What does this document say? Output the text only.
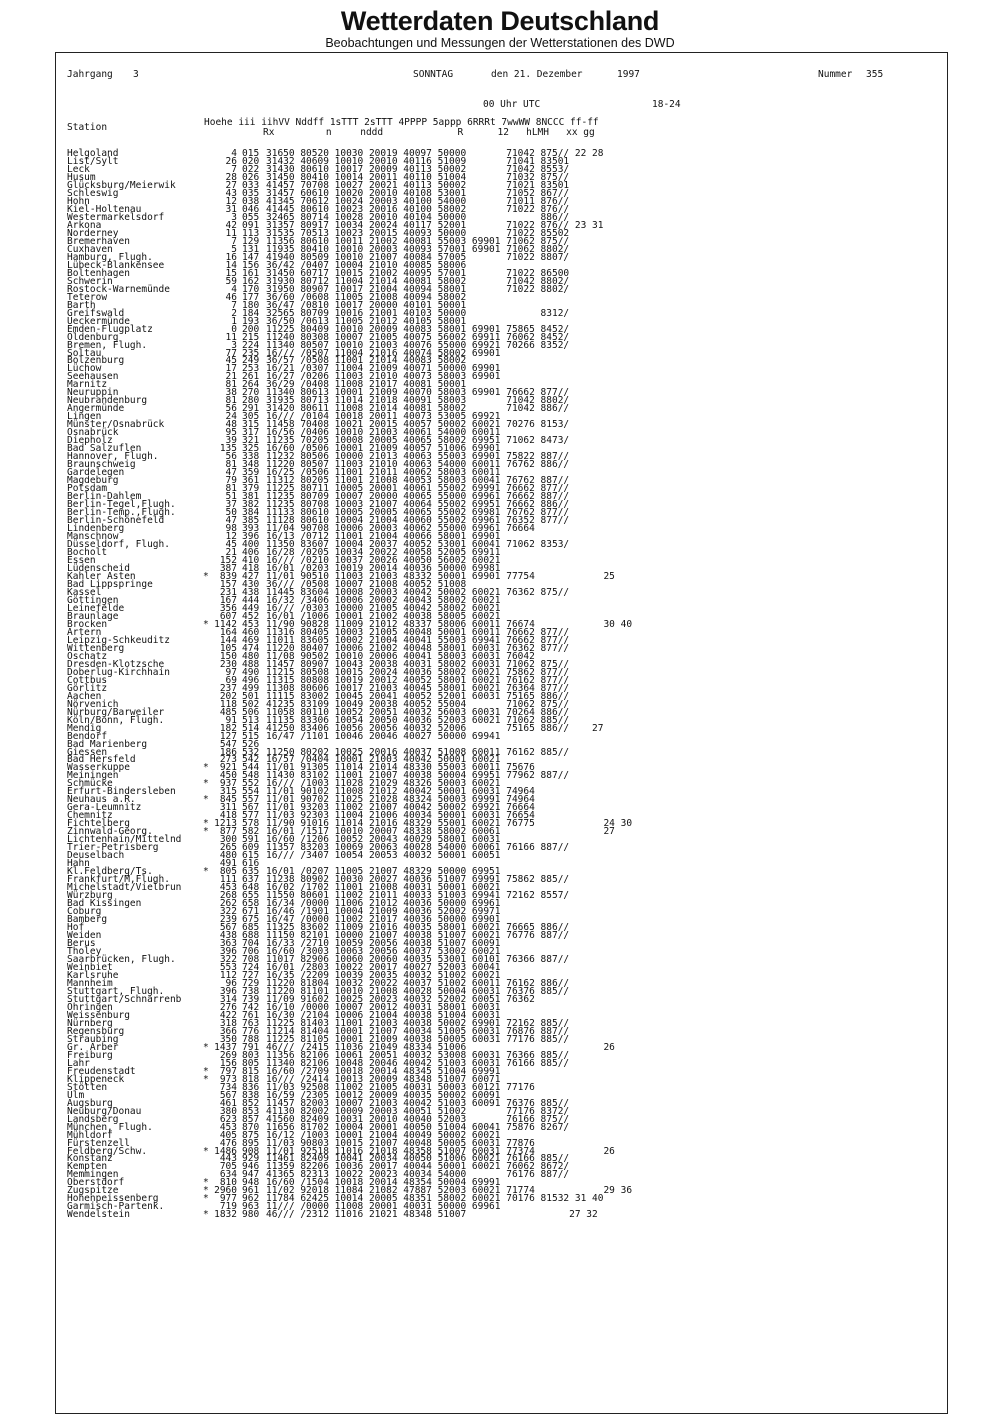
Wetterdaten Deutschland
Beobachtungen und Messungen der Wetterstationen des DWD
Jahrgang 3	SONNTAG	den 21. Dezember	1997	Nummer 355
00 Uhr UTC	18-24
Station	Hoehe iii iihVV Nddff 1sTTT 2sTTT 4PPPP 5appp 6RRRt 7wwWW 8NCCC ff-ff
Rx         n     nddd             R      12   hLMH   xx gg
Helgoland	4 015 31650 80520 10030 20019 40097 50000       71042 875// 22 28
List/Sylt	26 020 31432 40609 10010 20010 40116 51009       71041 83501
Leck	7 022 31430 80610 10017 20009 40113 50002       71042 8553/
Husum	28 026 31450 80410 10014 20011 40110 51004       71032 875//
Glücksburg/Meierwik	27 033 41457 70708 10027 20021 40113 50002       71021 83501
Schleswig	43 035 31457 60610 10020 20010 40108 53001       71052 867//
Hohn	12 038 41345 70612 10024 20003 40100 54000       71011 876//
Kiel-Holtenau	31 046 41445 80610 10023 20016 40100 58002       71022 876//
Westermarkelsdorf	3 055 32465 80714 10028 20010 40104 50000             886//
Arkona	42 091 31357 80917 10034 20024 40117 52001       71022 876// 23 31
Norderney	11 113 31535 70513 10023 20015 40093 50000       71022 85502
Bremerhaven	7 129 11356 80610 10011 21002 40081 55003 69901 71062 875//
Cuxhaven	5 131 11935 80410 10010 20003 40093 57001 69901 71062 8802/
Hamburg, Flugh.	16 147 41940 80509 10010 21007 40084 57005       71022 8807/
Lübeck-Blankensee	14 156 36/42 /0407 10004 21010 40085 58006
Boltenhagen	15 161 31450 60717 10015 21002 40095 57001       71022 86500
Schwerin	59 162 31930 80712 11004 21014 40081 58002       71042 8802/
Rostock-Warnemünde	4 170 31950 80907 10017 21004 40094 58001       71022 8802/
Teterow	46 177 36/60 /0608 11005 21008 40094 58002
Barth	7 180 36/47 /0810 10017 20000 40101 50001
Greifswald	2 184 32565 80709 10016 21001 40103 50000             8312/
Ueckermünde	1 193 36/50 /0613 11005 21012 40105 58001
Emden-Flugplatz	0 200 11225 80409 10010 20009 40083 58001 69901 75865 8452/
Oldenburg	11 215 11240 80308 10007 21005 40075 56002 69911 76062 8452/
Bremen, Flugh.	3 224 11340 80507 10010 21003 40076 55000 69921 70266 8352/
Soltau	77 235 16/// /0507 11004 21016 40074 58002 69901
Bolzenburg	45 249 36/57 /0508 11001 21014 40083 58002
Lüchow	17 253 16/21 /0307 11004 21009 40071 50000 69901
Seehausen	21 261 16/27 /0206 11003 21010 40073 58003 69901
Marnitz	81 264 36/29 /0408 11008 21017 40081 50001
Neuruppin	38 270 11340 80613 10001 21009 40070 58003 69901 76662 877//
Neubrandenburg	81 280 31935 80713 11014 21018 40091 58003       71042 8802/
Angermünde	56 291 31420 80611 11008 21014 40081 58002       71042 886//
Lingen	24 305 16/// /0104 10018 20011 40073 53005 69921
Münster/Osnabrück	48 315 11458 70408 10021 20015 40057 50002 60021 70276 8153/
Osnabrück	95 317 16/56 /0406 10010 21003 40061 54000 60011
Diepholz	39 321 11235 70205 10008 20005 40065 58002 69951 71062 8473/
Bad Salzuflen	135 325 16/60 /0506 10001 21009 40057 51006 69901
Hannover, Flugh.	56 338 11232 80506 10000 21013 40063 55003 69901 75822 887//
Braunschweig	81 348 11220 80507 11003 21010 40063 54000 60011 76762 886//
Gardelegen	47 359 16/25 /0506 11001 21011 40062 58003 60011
Magdeburg	79 361 11312 80205 11001 21008 40053 58003 60041 76762 887//
Potsdam	81 379 11225 80711 10005 20001 40061 55002 69991 76662 877//
Berlin-Dahlem	51 381 11235 80709 10007 20000 40065 55000 69961 76662 887//
Berlin-Tegel,Flugh.	37 382 11235 80708 10003 21007 40064 55002 69951 76662 886//
Berlin-Temp.,Flugh.	50 384 11133 80610 10005 20005 40065 55002 69981 76762 877//
Berlin-Schönefeld	47 385 11128 80610 10004 21004 40060 55002 69961 76352 877//
Lindenberg	98 393 11/04 90708 10006 20003 40062 55000 69961 76664
Manschnow	12 396 16/13 /0712 11001 21004 40066 58001 69901
Düsseldorf, Flugh.	45 400 11350 83607 10004 20037 40052 53001 60041 71062 8353/
Bocholt	21 406 16/28 /0205 10034 20022 40058 52005 69911
Essen	152 410 16/// /0210 10037 20026 40050 56002 60021
Lüdenscheid	387 418 16/01 /0203 10019 20014 40036 50000 69981
Kahler Asten	*	839 427 11/01 90510 11003 21003 48332 50001 69901 77754            25
Bad Lippspringe	157 430 36/// /0508 10007 21008 40052 51008
Kassel	231 438 11445 83604 10008 20003 40042 50002 60021 76362 875//
Göttingen	167 444 16/32 /3406 10006 20002 40043 58002 60021
Leinefelde	356 449 16/// /0303 10000 21005 40042 58002 60021
Braunlage	607 452 16/01 /1006 10001 21002 40038 58005 60021
Brocken	* 1142 453 11/90 90828 11009 21012 48337 58006 60011 76674            30 40
Artern	164 460 11316 80405 10003 21005 40048 50001 60011 76662 877//
Leipzig-Schkeuditz	144 469 11011 83605 10002 21004 40041 55003 69941 76662 877//
Wittenberg	105 474 11220 80407 10006 21002 40048 58001 60031 76362 877//
Oschatz	150 480 11/08 90502 10010 20006 40041 58003 60031 76042
Dresden-Klotzsche	230 488 11457 80907 10043 20038 40031 58002 60031 71062 875//
Doberlug-Kirchhain	97 490 11215 80508 10015 20024 40036 58002 60021 75862 877//
Cottbus	69 496 11315 80808 10019 20012 40052 58001 60021 76162 877//
Görlitz	237 499 11308 80606 10017 21003 40045 58001 60021 76364 877//
Aachen	202 501 11115 83002 10045 20041 40052 52001 60031 75165 886//
Nörvenich	118 502 41235 83109 10049 20038 40052 55004       71062 875//
Nürburg/Barweiler	485 506 11058 80110 10052 20051 40032 56003 60031 70264 886//
Köln/Bonn, Flugh.	91 513 11135 83306 10054 20050 40036 52003 60021 71062 885//
Mendig	182 514 41250 83406 10056 20056 40032 52006       75165 886//    27
Bendorf	127 515 16/47 /1101 10046 20046 40027 50000 69941
Bad Marienberg	547 526
Giessen	186 532 11250 80202 10025 20016 40037 51008 60011 76162 885//
Bad Hersfeld	273 542 16/57 /0404 10001 21003 40042 50001 60021
Wasserkuppe	*	921 544 11/01 91305 11014 21014 48330 55003 60011 75676
Meiningen	450 548 11430 83102 11001 21007 40038 50004 69951 77962 887//
Schmücke	*	937 552 16/// /1003 11028 21029 48326 50003 60021
Erfurt-Bindersleben	315 554 11/01 90102 11008 21012 40042 50001 60031 74964
Neuhaus a.R.	*	845 557 11/01 90702 11025 21028 48324 50003 69991 74964
Gera-Leumnitz	311 567 11/01 93203 11002 21007 40042 50002 69921 76664
Chemnitz	418 577 11/03 92303 11004 21006 40034 50001 60031 76654
Fichtelberg	* 1213 578 11/90 91016 11014 21016 48329 55001 60021 76775            24 30
Zinnwald-Georg.	*	877 582 16/01 /1517 10010 20007 48338 58002 60061                  27
Lichtenhain/Mittelnd	300 591 16/60 /1206 10052 20043 40029 58001 60031
Trier-Petrisberg	265 609 11357 83203 10069 20063 40028 54000 60061 76166 887//
Deuselbach	480 615 16/// /3407 10054 20053 40032 50001 60051
Hahn	491 616
Kl.Feldberg/Ts.	*	805 635 16/01 /0207 11005 21007 48329 50000 69951
Frankfurt/M,Flugh.	111 637 11238 80902 10030 20027 40036 51007 69991 75862 885//
Michelstadt/Vielbrun	453 648 16/02 /1702 11001 21008 40031 50001 60021
Würzburg	268 655 11550 80601 11002 21011 40033 51003 69941 72162 8557/
Bad Kissingen	262 658 16/34 /0000 11006 21012 40036 50000 69961
Coburg	322 671 16/46 /1901 10004 21009 40036 52002 69971
Bamberg	239 675 16/47 /0000 11002 21017 40036 50000 69901
Hof	567 685 11325 83602 11009 21016 40035 58001 60021 76665 886//
Weiden	438 688 11150 82101 10000 21007 40038 51007 60021 76776 887//
Berus	363 704 16/33 /2710 10059 20056 40038 51007 60091
Tholey	396 706 16/60 /3003 10063 20056 40037 53002 60021
Saarbrücken, Flugh.	322 708 11017 82906 10060 20060 40035 53001 60101 76366 887//
Weinbiet	553 724 16/01 /2803 10022 20017 40027 52003 60041
Karlsruhe	112 727 16/35 /2209 10039 20035 40032 51002 60021
Mannheim	96 729 11220 81804 10032 20022 40037 51002 60011 76162 886//
Stuttgart, Flugh.	396 738 11220 81101 10010 21008 40028 50004 60031 76376 885//
Stuttgart/Schnarrenb	314 739 11/09 91602 10025 20023 40032 52002 60051 76362
Öhringen	276 742 16/10 /0000 10007 20012 40031 58001 60031
Weissenburg	422 761 16/30 /2104 10006 21004 40038 51004 60031
Nürnberg	318 763 11225 81403 11001 21003 40038 50002 69901 72162 885//
Regensburg	366 776 11214 81404 10001 21007 40034 51005 60031 76876 887//
Straubing	350 788 11225 81105 10001 21009 40038 50005 60031 77176 885//
Gr. Arber	* 1437 791 46/// /2415 11036 21049 48334 51006                        26
Freiburg	269 803 11356 82106 10061 20051 40032 53008 60031 76366 885//
Lahr	156 805 11340 82106 10048 20046 40042 51003 60031 76166 885//
Freudenstadt	*	797 815 16/60 /2709 10018 20014 48345 51004 69991
Klippeneck	*	973 818 16/// /2414 10013 20009 48348 51007 60071
Stötten	734 836 11/03 92508 11002 21005 40031 50003 60121 77176
Ulm	567 838 16/59 /2305 10012 20009 40035 50002 60091
Augsburg	461 852 11457 82003 10007 21003 40042 51003 60091 76376 885//
Neuburg/Donau	380 853 41130 82002 10009 20003 40051 51002       77176 8372/
Landsberg	623 857 41560 82409 10031 20010 40040 52003       76166 875//
München, Flugh.	453 870 11656 81702 10004 20001 40050 51004 60041 75876 8267/
Mühldorf	405 875 16/12 /1003 10001 21004 40049 50002 60021
Fürstenzell	476 895 11/03 90803 10015 21007 40048 50005 60031 77876
Feldberg/Schw.	* 1486 908 11/01 92518 11016 21018 48358 51007 60031 77374            26
Konstanz	443 929 11461 82409 10041 20034 40050 51006 60021 76166 885//
Kempten	705 946 11359 82206 10036 20017 40044 50001 60021 76062 8672/
Memmingen	634 947 41365 82313 10022 20023 40034 54000       76176 887//
Oberstdorf	*	810 948 16/60 /1504 10018 20014 48354 50004 69991
Zugspitze	* 2960 961 11/02 92018 11084 21082 47887 52003 60021 71774            29 36
Hohenpeissenberg	*	977 962 11784 62425 10014 20005 48351 58002 60021 70176 81532 31 40
Garmisch-Partenk.	719 963 11/// /0000 11008 20001 40031 50000 69961
Wendelstein	* 1832 980 46/// /2312 11016 21021 48348 51007                  27 32
